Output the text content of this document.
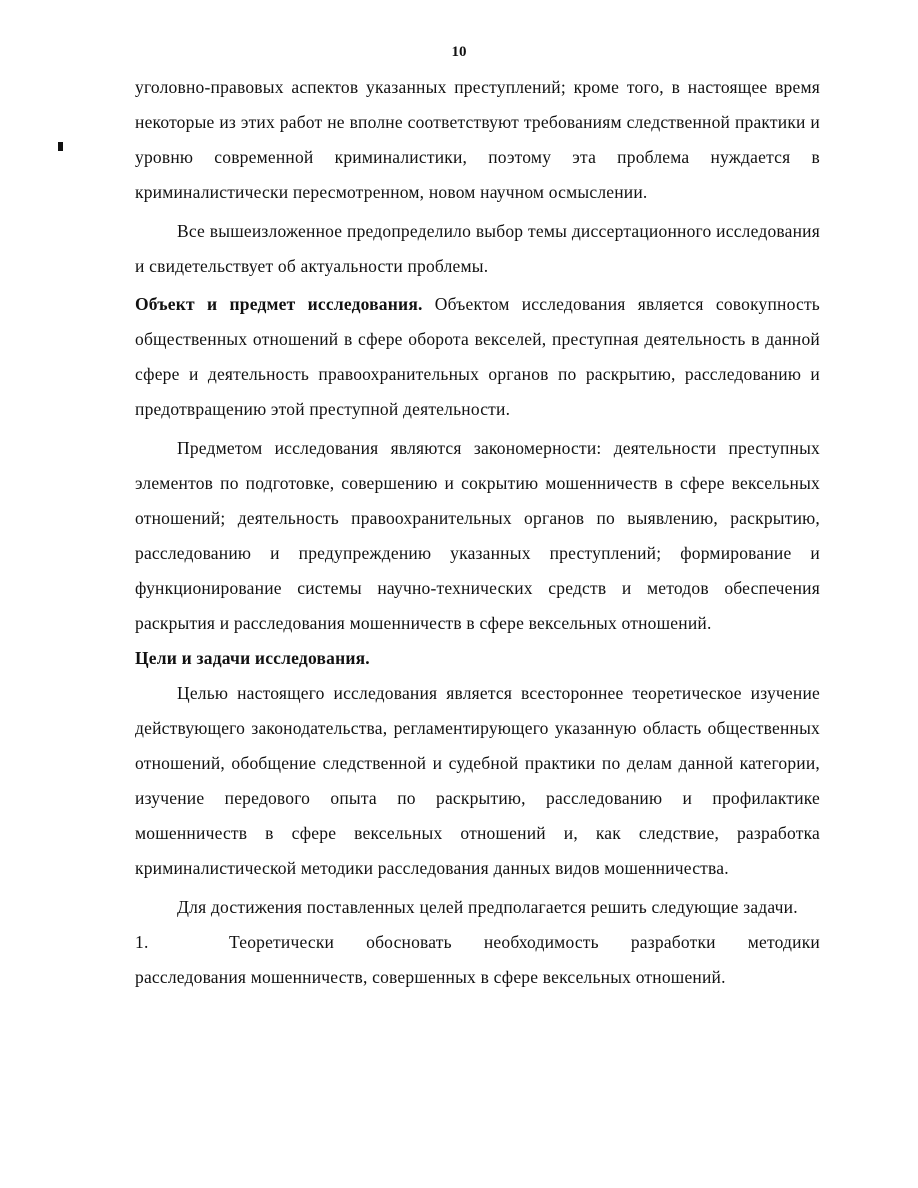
10

уголовно-правовых аспектов указанных преступлений; кроме того, в настоящее время некоторые из этих работ не вполне соответствуют требованиям следственной практики и уровню современной криминалистики, поэтому эта проблема нуждается в криминалистически пересмотренном, новом научном осмыслении.

Все вышеизложенное предопределило выбор темы диссертационного исследования и свидетельствует об актуальности проблемы.

Объект и предмет исследования. Объектом исследования является совокупность общественных отношений в сфере оборота векселей, преступная деятельность в данной сфере и деятельность правоохранительных органов по раскрытию, расследованию и предотвращению этой преступной деятельности.

Предметом исследования являются закономерности: деятельности преступных элементов по подготовке, совершению и сокрытию мошенничеств в сфере вексельных отношений; деятельность правоохранительных органов по выявлению, раскрытию, расследованию и предупреждению указанных преступлений; формирование и функционирование системы научно-технических средств и методов обеспечения раскрытия и расследования мошенничеств в сфере вексельных отношений.

Цели и задачи исследования.

Целью настоящего исследования является всестороннее теоретическое изучение действующего законодательства, регламентирующего указанную область общественных отношений, обобщение следственной и судебной практики по делам данной категории, изучение передового опыта по раскрытию, расследованию и профилактике мошенничеств в сфере вексельных отношений и, как следствие, разработка криминалистической методики расследования данных видов мошенничества.

Для достижения поставленных целей предполагается решить следующие задачи.

1.	Теоретически обосновать необходимость разработки методики расследования мошенничеств, совершенных в сфере вексельных отношений.
